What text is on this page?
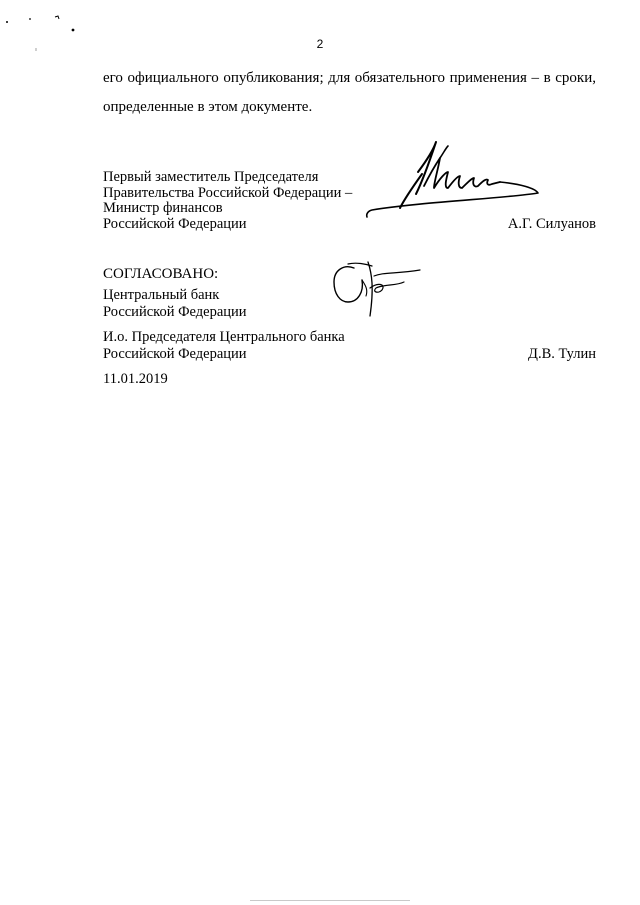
2
его официального опубликования; для обязательного применения – в сроки,
определенные в этом документе.
Первый заместитель Председателя
Правительства Российской Федерации –
Министр финансов
Российской Федерации	А.Г. Силуанов
СОГЛАСОВАНО:
Центральный банк
Российской Федерации
И.о. Председателя Центрального банка
Российской Федерации	Д.В. Тулин
11.01.2019
